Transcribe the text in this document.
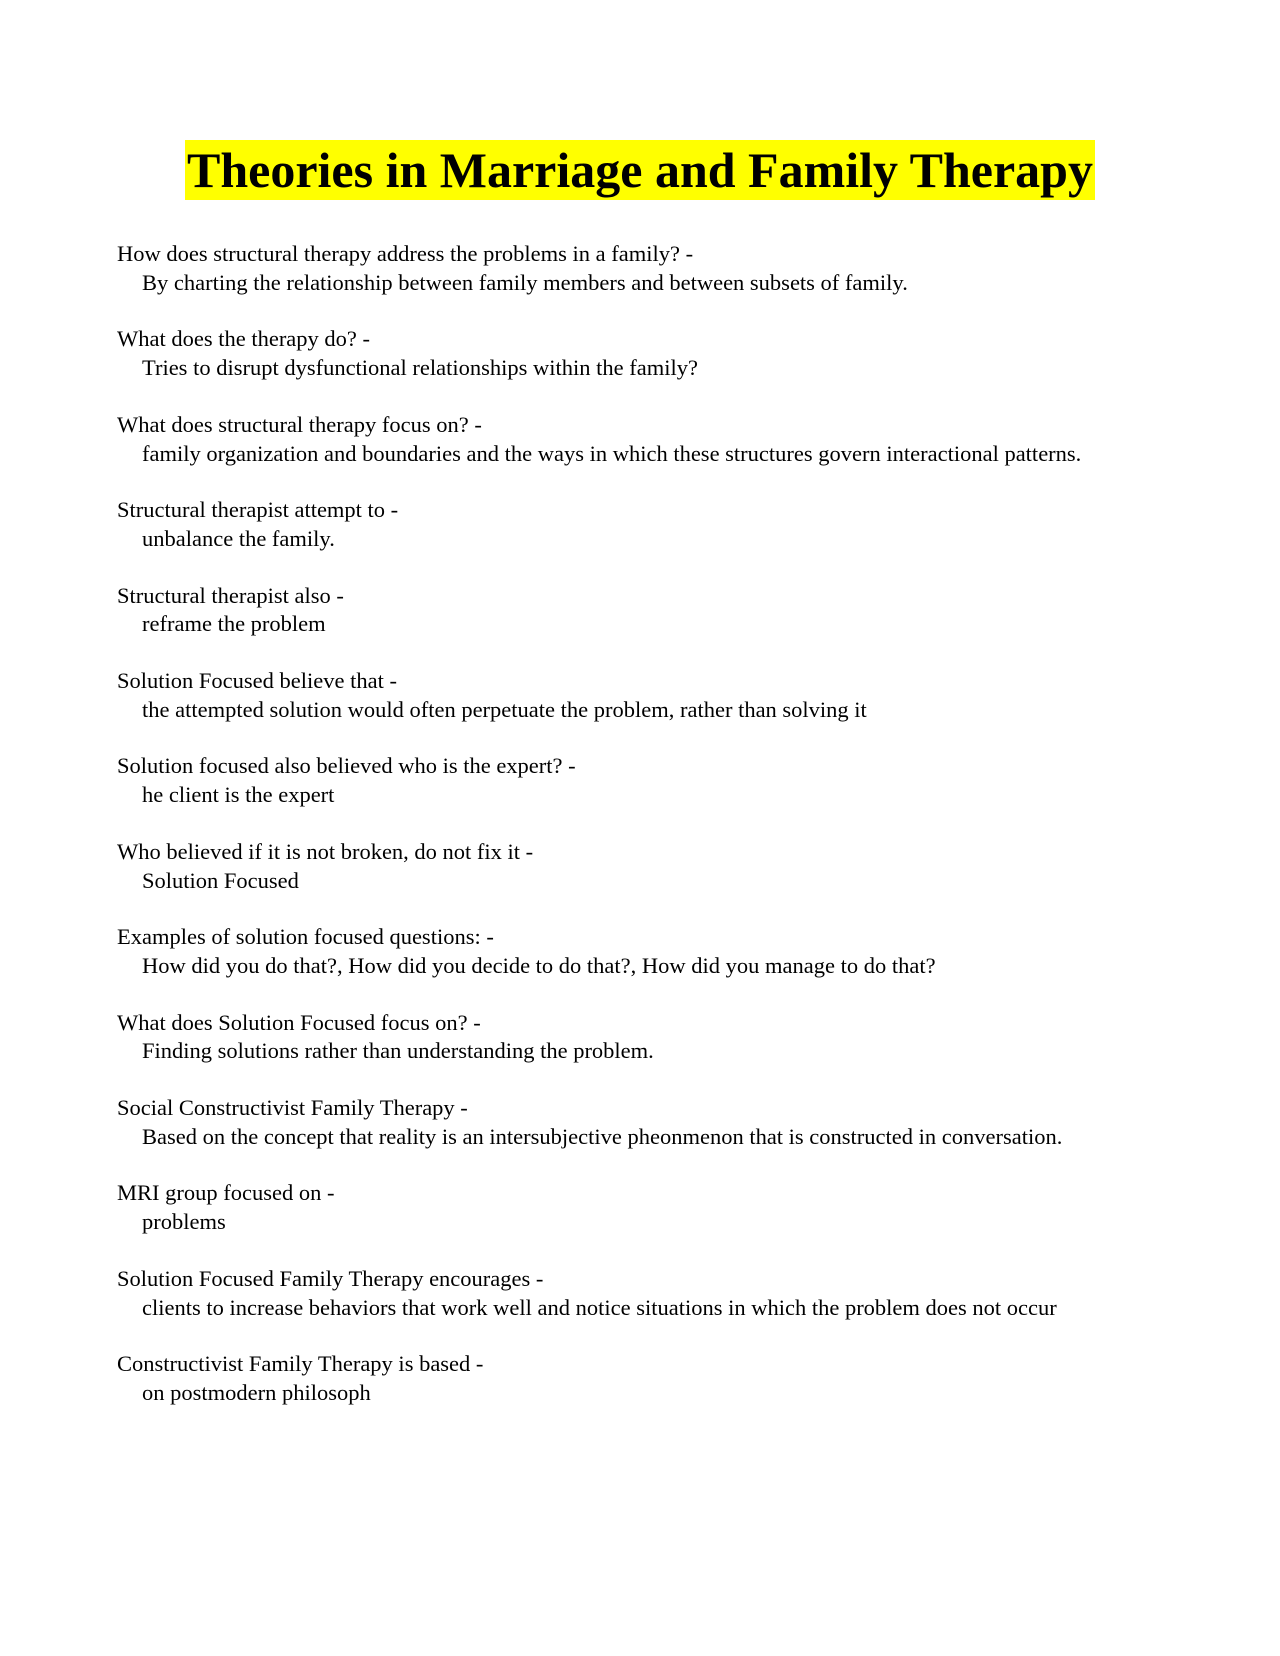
Theories in Marriage and Family Therapy
How does structural therapy address the problems in a family? -
By charting the relationship between family members and between subsets of family.
What does the therapy do? -
Tries to disrupt dysfunctional relationships within the family?
What does structural therapy focus on? -
family organization and boundaries and the ways in which these structures govern interactional patterns.
Structural therapist attempt to -
unbalance the family.
Structural therapist also -
reframe the problem
Solution Focused believe that -
the attempted solution would often perpetuate the problem, rather than solving it
Solution focused also believed who is the expert? -
he client is the expert
Who believed if it is not broken, do not fix it -
Solution Focused
Examples of solution focused questions: -
How did you do that?, How did you decide to do that?, How did you manage to do that?
What does Solution Focused focus on? -
Finding solutions rather than understanding the problem.
Social Constructivist Family Therapy -
Based on the concept that reality is an intersubjective pheonmenon that is constructed in conversation.
MRI group focused on -
problems
Solution Focused Family Therapy encourages -
clients to increase behaviors that work well and notice situations in which the problem does not occur
Constructivist Family Therapy is based -
on postmodern philosoph
